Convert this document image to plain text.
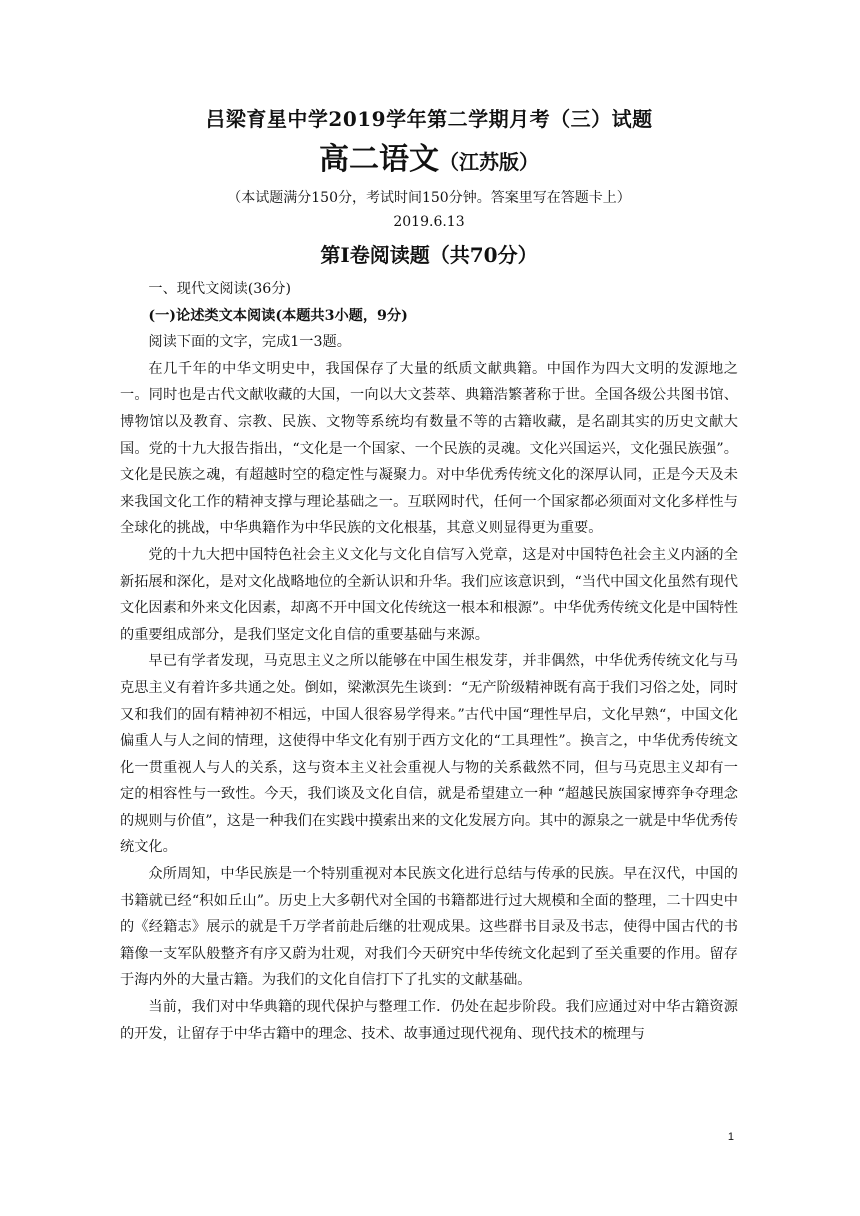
吕梁育星中学2019学年第二学期月考（三）试题
高二语文（江苏版）
（本试题满分150分，考试时间150分钟。答案里写在答题卡上）
2019.6.13
第Ⅰ卷阅读题（共70分）

一、现代文阅读(36分)

(一)论述类文本阅读(本题共3小题，9分)

阅读下面的文字，完成1一3题。

在几千年的中华文明史中，我国保存了大量的纸质文献典籍。中国作为四大文明的发源地之一。同时也是古代文献收藏的大国，一向以大文荟萃、典籍浩繁著称于世。全国各级公共图书馆、博物馆以及教育、宗教、民族、文物等系统均有数量不等的古籍收藏，是名副其实的历史文献大国。党的十九大报告指出，“文化是一个国家、一个民族的灵魂。文化兴国运兴，文化强民族强”。文化是民族之魂，有超越时空的稳定性与凝聚力。对中华优秀传统文化的深厚认同，正是今天及未来我国文化工作的精神支撑与理论基础之一。互联网时代，任何一个国家都必须面对文化多样性与全球化的挑战，中华典籍作为中华民族的文化根基，其意义则显得更为重要。

党的十九大把中国特色社会主义文化与文化自信写入党章，这是对中国特色社会主义内涵的全新拓展和深化，是对文化战略地位的全新认识和升华。我们应该意识到，“当代中国文化虽然有现代文化因素和外来文化因素，却离不开中国文化传统这一根本和根源”。中华优秀传统文化是中国特性的重要组成部分，是我们坚定文化自信的重要基础与来源。

早已有学者发现，马克思主义之所以能够在中国生根发芽，并非偶然，中华优秀传统文化与马克思主义有着许多共通之处。倒如，梁漱溟先生谈到：“无产阶级精神既有高于我们习俗之处，同时又和我们的固有精神初不相远，中国人很容易学得来。”古代中国“理性早启，文化早熟“，中国文化偏重人与人之间的情理，这使得中华文化有别于西方文化的“工具理性”。换言之，中华优秀传统文化一贯重视人与人的关系，这与资本主义社会重视人与物的关系截然不同，但与马克思主义却有一定的相容性与一致性。今天，我们谈及文化自信，就是希望建立一种 “超越民族国家博弈争夺理念的规则与价值”，这是一种我们在实践中摸索出来的文化发展方向。其中的源泉之一就是中华优秀传统文化。

众所周知，中华民族是一个特别重视对本民族文化进行总结与传承的民族。早在汉代，中国的书籍就已经“积如丘山”。历史上大多朝代对全国的书籍都进行过大规模和全面的整理，二十四史中的《经籍志》展示的就是千万学者前赴后继的壮观成果。这些群书目录及书志，使得中国古代的书籍像一支军队般整齐有序又蔚为壮观，对我们今天研究中华传统文化起到了至关重要的作用。留存于海内外的大量古籍。为我们的文化自信打下了扎实的文献基础。

当前，我们对中华典籍的现代保护与整理工作．仍处在起步阶段。我们应通过对中华古籍资源的开发，让留存于中华古籍中的理念、技术、故事通过现代视角、现代技术的梳理与

1
